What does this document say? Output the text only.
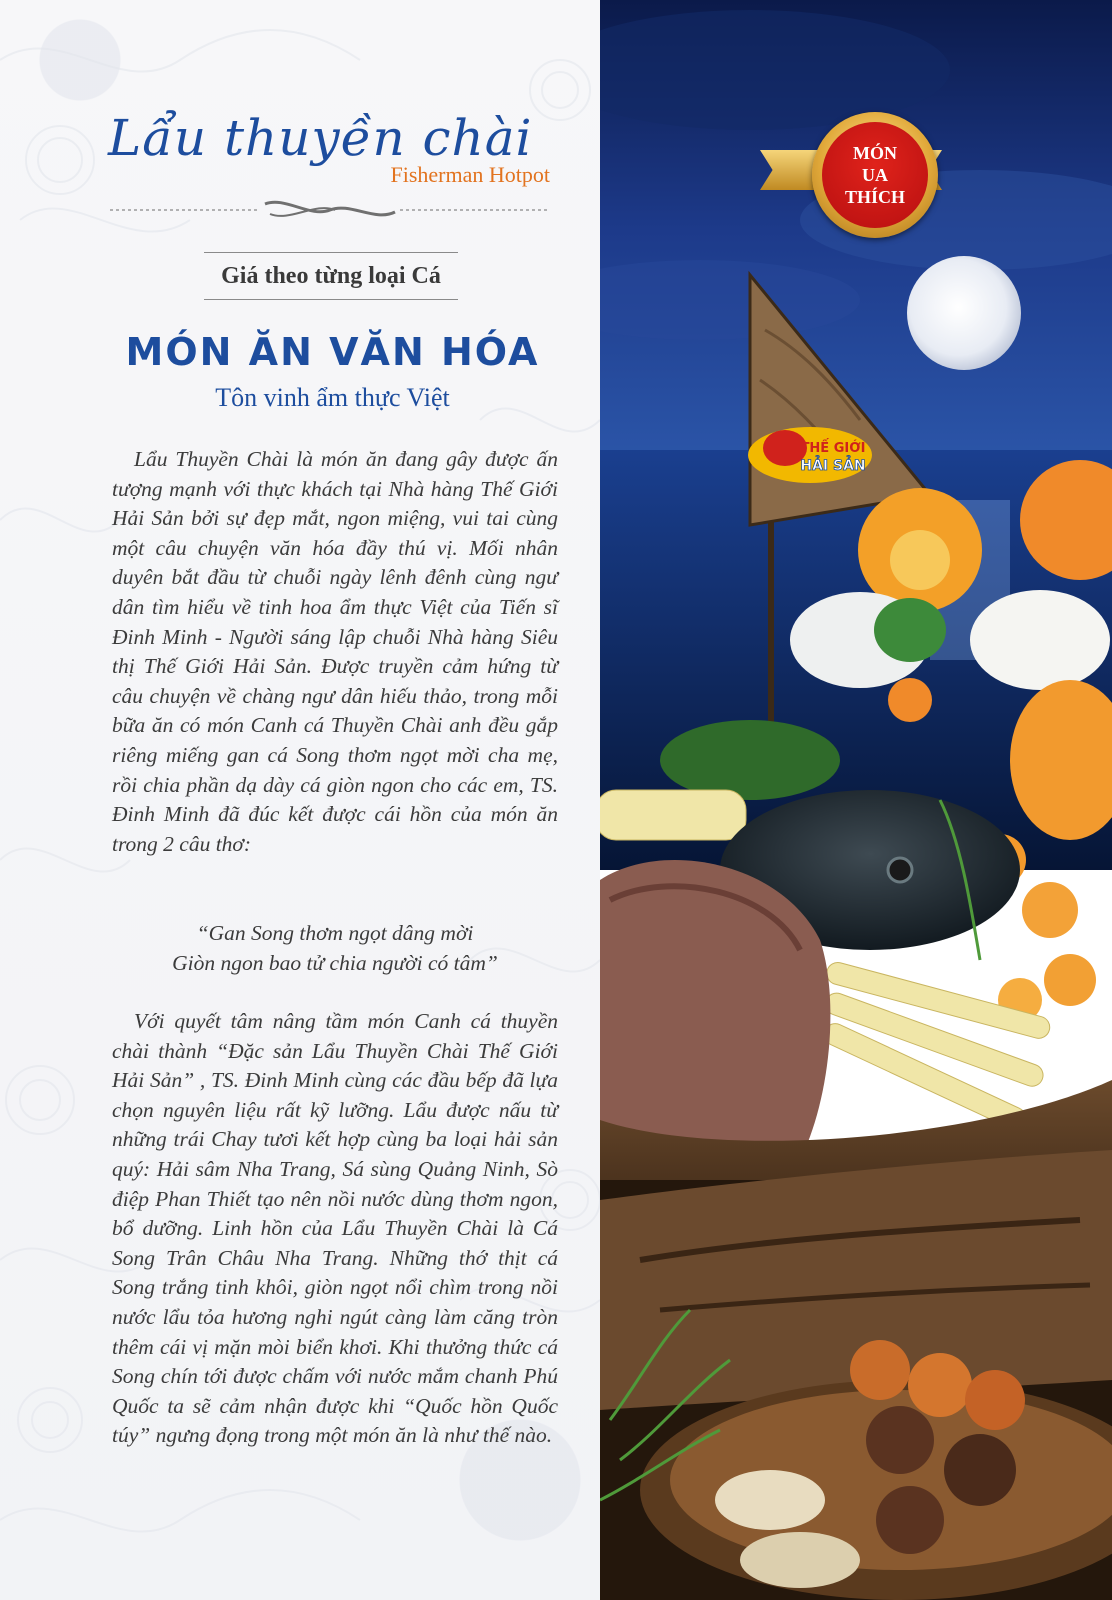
Lẩu thuyền chài
Fisherman Hotpot
Giá theo từng loại Cá
MÓN ĂN VĂN HÓA
Tôn vinh ẩm thực Việt

Lẩu Thuyền Chài là món ăn đang gây được ấn tượng mạnh với thực khách tại Nhà hàng Thế Giới Hải Sản bởi sự đẹp mắt, ngon miệng, vui tai cùng một câu chuyện văn hóa đầy thú vị. Mối nhân duyên bắt đầu từ chuỗi ngày lênh đênh cùng ngư dân tìm hiểu về tinh hoa ẩm thực Việt của Tiến sĩ Đinh Minh - Người sáng lập chuỗi Nhà hàng Siêu thị Thế Giới Hải Sản. Được truyền cảm hứng từ câu chuyện về chàng ngư dân hiếu thảo, trong mỗi bữa ăn có món Canh cá Thuyền Chài anh đều gắp riêng miếng gan cá Song thơm ngọt mời cha mẹ, rồi chia phần dạ dày cá giòn ngon cho các em, TS. Đinh Minh đã đúc kết được cái hồn của món ăn trong 2 câu thơ:

“Gan Song thơm ngọt dâng mời
Giòn ngon bao tử chia người có tâm”

Với quyết tâm nâng tầm món Canh cá thuyền chài thành “Đặc sản Lẩu Thuyền Chài Thế Giới Hải Sản” , TS. Đinh Minh cùng các đầu bếp đã lựa chọn nguyên liệu rất kỹ lưỡng. Lẩu được nấu từ những trái Chay tươi kết hợp cùng ba loại hải sản quý: Hải sâm Nha Trang, Sá sùng Quảng Ninh, Sò điệp Phan Thiết tạo nên nồi nước dùng thơm ngon, bổ dưỡng. Linh hồn của Lẩu Thuyền Chài là Cá Song Trân Châu Nha Trang. Những thớ thịt cá Song trắng tinh khôi, giòn ngọt nổi chìm trong nồi nước lẩu tỏa hương nghi ngút càng làm căng tròn thêm cái vị mặn mòi biển khơi. Khi thưởng thức cá Song chín tới được chấm với nước mắm chanh Phú Quốc ta sẽ cảm nhận được khi “Quốc hồn Quốc túy” ngưng đọng trong một món ăn là như thế nào.

THẾ GIỚI
HẢI SẢN
MÓN
UA
THÍCH
